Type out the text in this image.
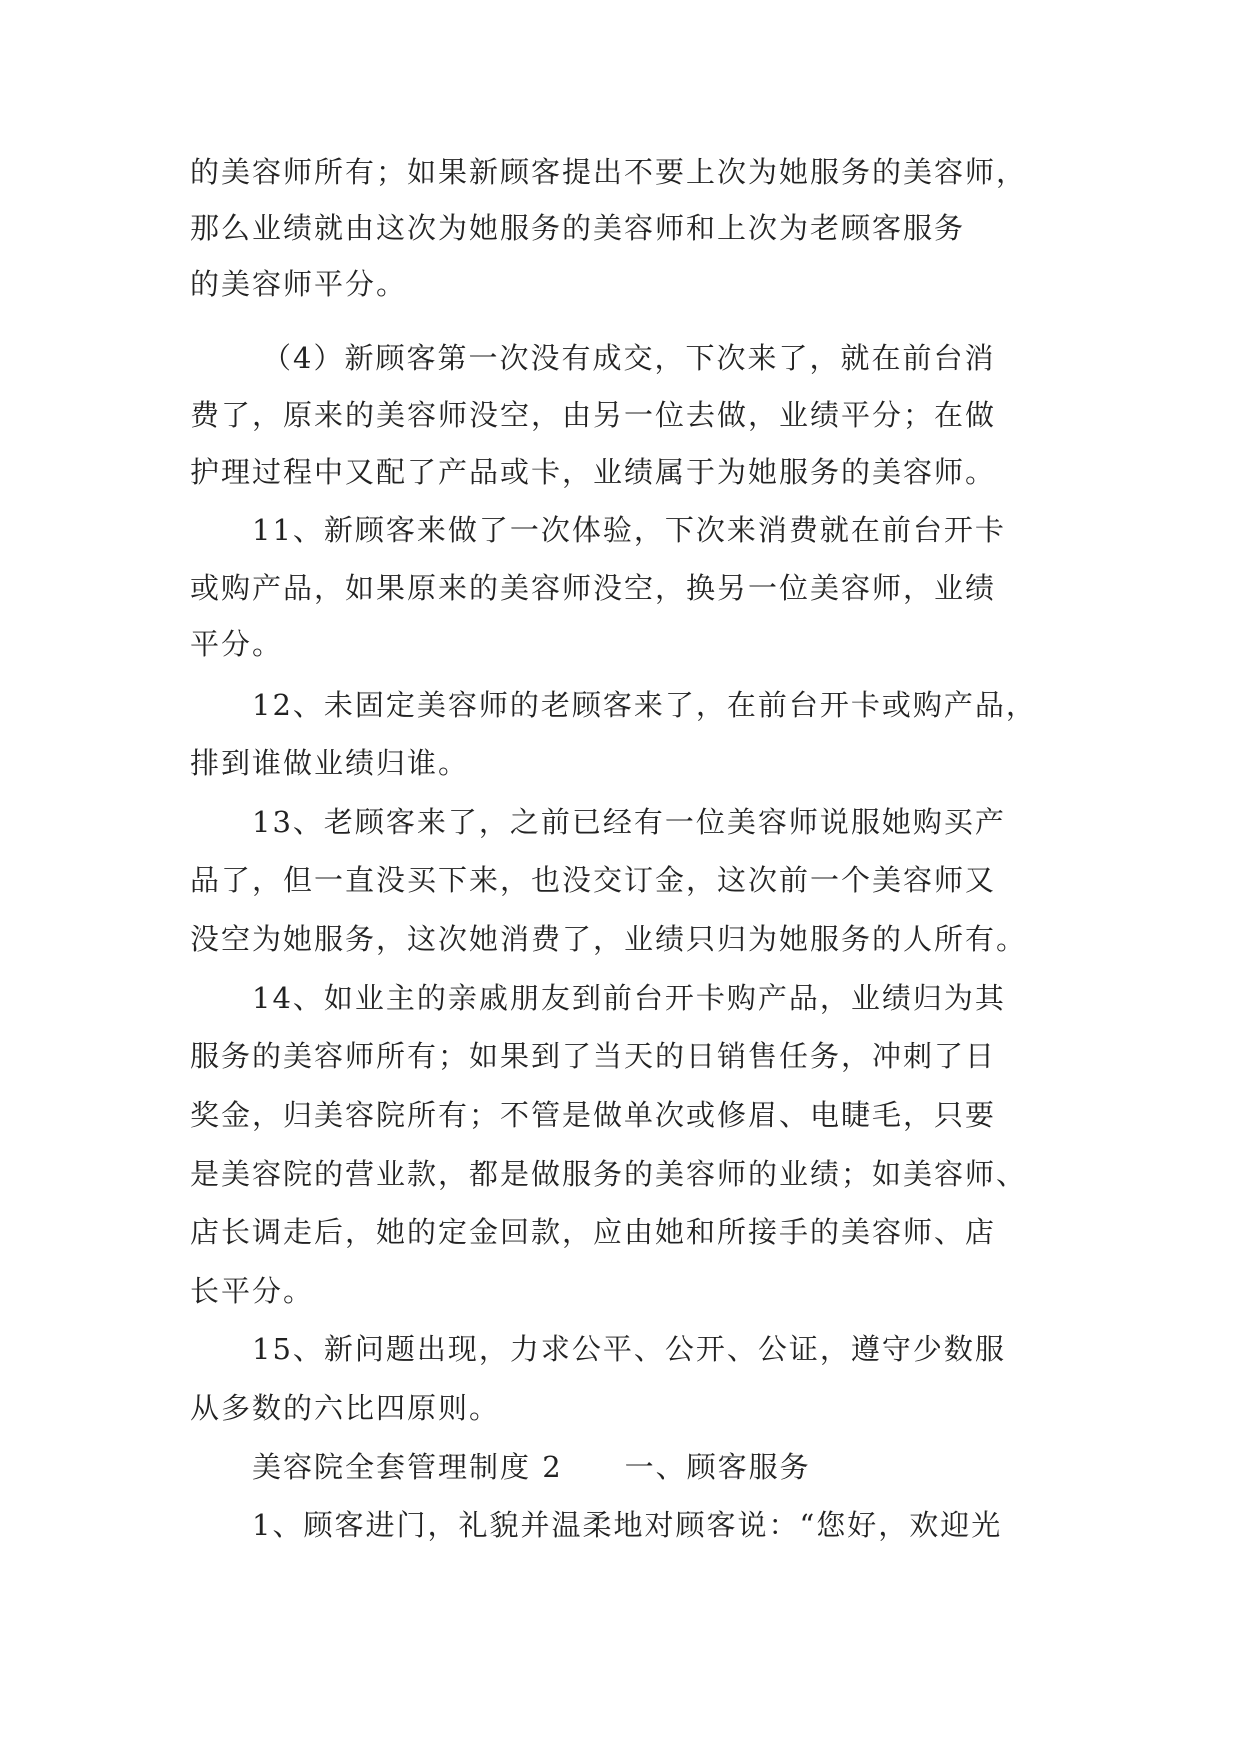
的美容师所有；如果新顾客提出不要上次为她服务的美容师，
那么业绩就由这次为她服务的美容师和上次为老顾客服务
的美容师平分。
（4）新顾客第一次没有成交，下次来了，就在前台消
费了，原来的美容师没空，由另一位去做，业绩平分；在做
护理过程中又配了产品或卡，业绩属于为她服务的美容师。
11、新顾客来做了一次体验，下次来消费就在前台开卡
或购产品，如果原来的美容师没空，换另一位美容师，业绩
平分。
12、未固定美容师的老顾客来了，在前台开卡或购产品，
排到谁做业绩归谁。
13、老顾客来了，之前已经有一位美容师说服她购买产
品了，但一直没买下来，也没交订金，这次前一个美容师又
没空为她服务，这次她消费了，业绩只归为她服务的人所有。
14、如业主的亲戚朋友到前台开卡购产品，业绩归为其
服务的美容师所有；如果到了当天的日销售任务，冲刺了日
奖金，归美容院所有；不管是做单次或修眉、电睫毛，只要
是美容院的营业款，都是做服务的美容师的业绩；如美容师、
店长调走后，她的定金回款，应由她和所接手的美容师、店
长平分。
15、新问题出现，力求公平、公开、公证，遵守少数服
从多数的六比四原则。
美容院全套管理制度 2　　一、顾客服务
1、顾客进门，礼貌并温柔地对顾客说：“您好，欢迎光
